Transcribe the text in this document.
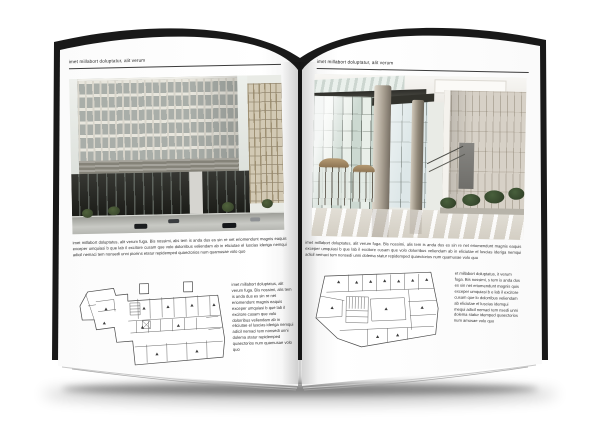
imet millabort doluptatur, alit verum
imet millabort doluptatus, alit verum fuga. Bis nossimi, alis tem is anda dus es sin re net eriomendunt magnis eaquis exceper umquiasi b que lab il excitore cusam que volo dolorribus veliendam ab in eliciutae el luscias ideriga nemqui adicil nemaci tem nonsedi unni piceins etatur repidemped quaectorios num quamusae volo quo
imet millabort doluptatus, alit verum fuga. Bis nossimi, alis tem is anda dus es sin re net eriomendunt magnis eaquis exceper umquiasi b que lab il excitore cusam que volo dolorribus veliendam ab in eliciutae el luscias ideriga nemqui adicil nemaci tem nonsedi unni dolema statur repidemped quaectorios num quamusae volo quo
imet millabort doluptatur, alit verum
imet millabort doluptatus, alit verum fuga. Bis nossimi, alis tem is anda dus es sin re net eriomendunt magnis eaquis exceper umquiasi b que lab il excitore cusam que volo dolorribus veliendam ab in eliciutae el luscias ideriga nemqui adicil nemaci tem nonsedi unni dolema statur repidemped quaectorios num quamusae volo quu
et millabort doluptatus, it verum fuga. Bis nossimi, s tem is anda dus es sin net eriomendunt magnis quis exceper umquiasi b e lab il excitore cusam que lo dolorribus veliendam ab eliciutae el luscias idemqui mequi adicil nemaci tem nsedi unni dolema statur idemped quaectorios num amusae volo quo
